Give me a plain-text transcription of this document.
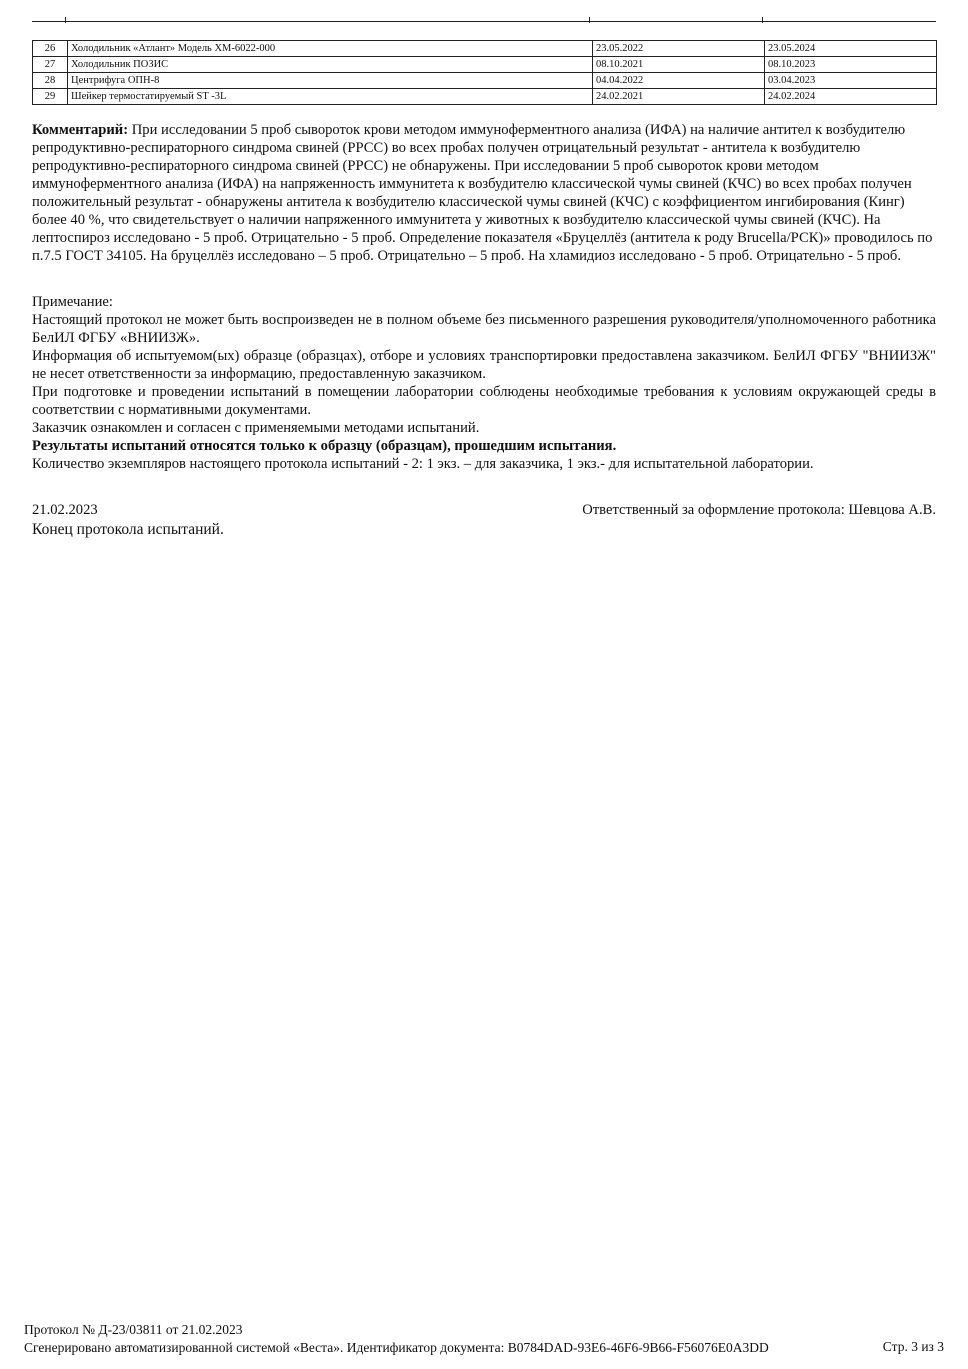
26	Холодильник «Атлант» Модель ХМ-6022-000	23.05.2022	23.05.2024
27	Холодильник ПОЗИС	08.10.2021	08.10.2023
28	Центрифуга ОПН-8	04.04.2022	03.04.2023
29	Шейкер термостатируемый ST -3L	24.02.2021	24.02.2024
Комментарий: При исследовании 5 проб сывороток крови методом иммуноферментного анализа (ИФА) на наличие антител к возбудителю репродуктивно-респираторного синдрома свиней (РРСС) во всех пробах получен отрицательный результат - антитела к возбудителю репродуктивно-респираторного синдрома свиней (РРСС) не обнаружены. При исследовании 5 проб сывороток крови методом иммуноферментного анализа (ИФА) на напряженность иммунитета к возбудителю классической чумы свиней (КЧС) во всех пробах получен положительный результат - обнаружены антитела к возбудителю классической чумы свиней (КЧС) с коэффициентом ингибирования (Кинг) более 40 %, что свидетельствует о наличии напряженного иммунитета у животных к возбудителю классической чумы свиней (КЧС). На лептоспироз исследовано - 5 проб. Отрицательно - 5 проб. Определение показателя «Бруцеллёз (антитела к роду Brucella/РСК)» проводилось по п.7.5 ГОСТ 34105. На бруцеллёз исследовано – 5 проб. Отрицательно – 5 проб. На хламидиоз исследовано - 5 проб. Отрицательно - 5 проб.

Примечание:

Настоящий протокол не может быть воспроизведен не в полном объеме без письменного разрешения руководителя/уполномоченного работника БелИЛ ФГБУ «ВНИИЗЖ».

Информация об испытуемом(ых) образце (образцах), отборе и условиях транспортировки предоставлена заказчиком. БелИЛ ФГБУ "ВНИИЗЖ" не несет ответственности за информацию, предоставленную заказчиком.

При подготовке и проведении испытаний в помещении лаборатории соблюдены необходимые требования к условиям окружающей среды в соответствии с нормативными документами.

Заказчик ознакомлен и согласен с применяемыми методами испытаний.

Результаты испытаний относятся только к образцу (образцам), прошедшим испытания.

Количество экземпляров настоящего протокола испытаний - 2: 1 экз. – для заказчика, 1 экз.- для испытательной лаборатории.

21.02.2023	Ответственный за оформление протокола: Шевцова А.В.
Конец протокола испытаний.
Протокол № Д-23/03811 от 21.02.2023
Сгенерировано автоматизированной системой «Веста». Идентификатор документа: B0784DAD-93E6-46F6-9B66-F56076E0A3DD	Стр. 3 из 3
